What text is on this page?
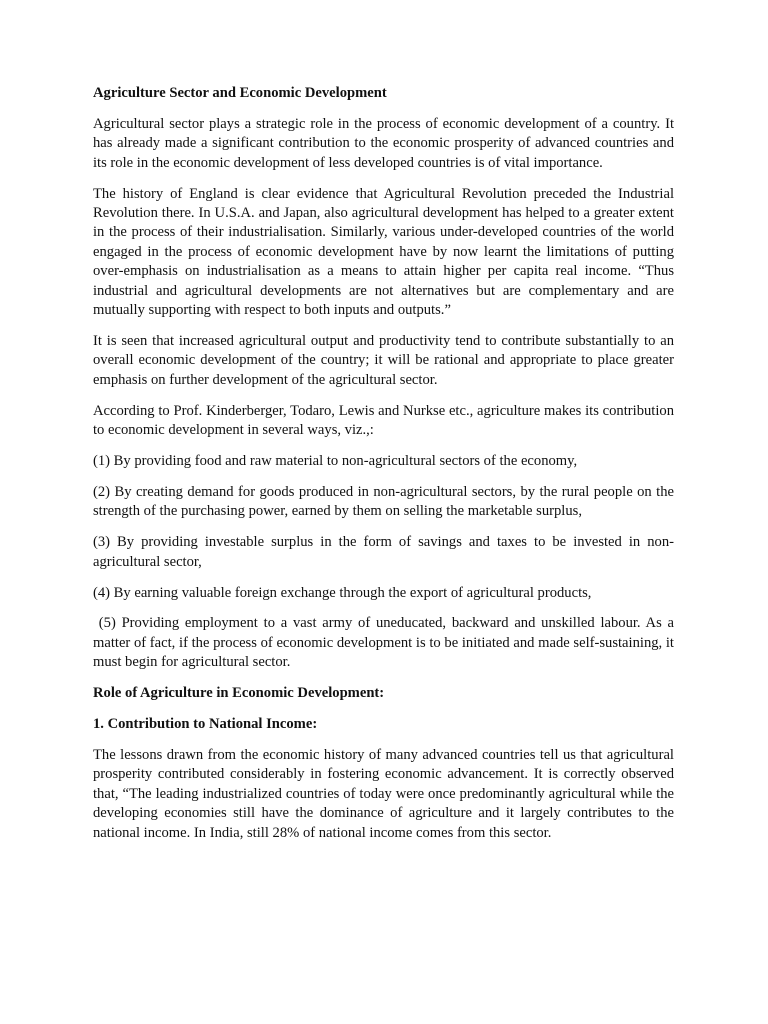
Agriculture Sector and Economic Development

Agricultural sector plays a strategic role in the process of economic development of a country. It has already made a significant contribution to the economic prosperity of advanced countries and its role in the economic development of less developed countries is of vital importance.

The history of England is clear evidence that Agricultural Revolution preceded the Industrial Revolution there. In U.S.A. and Japan, also agricultural development has helped to a greater extent in the process of their industrialisation. Similarly, various under-developed countries of the world engaged in the process of economic development have by now learnt the limitations of putting over-emphasis on industrialisation as a means to attain higher per capita real income. “Thus industrial and agricultural developments are not alternatives but are complementary and are mutually supporting with respect to both inputs and outputs.”

It is seen that increased agricultural output and productivity tend to contribute substantially to an overall economic development of the country; it will be rational and appropriate to place greater emphasis on further development of the agricultural sector.

According to Prof. Kinderberger, Todaro, Lewis and Nurkse etc., agriculture makes its contribution to economic development in several ways, viz.,:

(1) By providing food and raw material to non-agricultural sectors of the economy,

(2) By creating demand for goods produced in non-agricultural sectors, by the rural people on the strength of the purchasing power, earned by them on selling the marketable surplus,

(3) By providing investable surplus in the form of savings and taxes to be invested in non-agricultural sector,

(4) By earning valuable foreign exchange through the export of agricultural products,

(5) Providing employment to a vast army of uneducated, backward and unskilled labour. As a matter of fact, if the process of economic development is to be initiated and made self-sustaining, it must begin for agricultural sector.

Role of Agriculture in Economic Development:

1. Contribution to National Income:

The lessons drawn from the economic history of many advanced countries tell us that agricultural prosperity contributed considerably in fostering economic advancement. It is correctly observed that, “The leading industrialized countries of today were once predominantly agricultural while the developing economies still have the dominance of agriculture and it largely contributes to the national income. In India, still 28% of national income comes from this sector.
